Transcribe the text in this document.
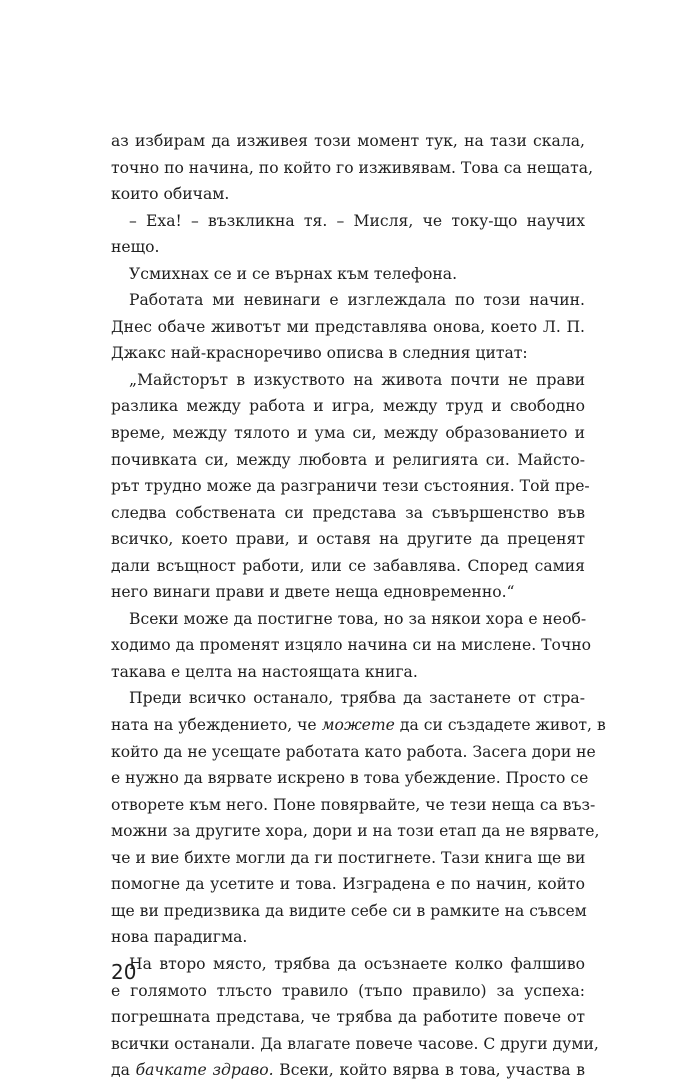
аз избирам да изживея този момент тук, на тази скала,
точно по начина, по който го изживявам. Това са нещата,
които обичам.
– Еха! – възкликна тя. – Мисля, че току-що научих
нещо.
Усмихнах се и се върнах към телефона.
Работата ми невинаги е изглеждала по този начин.
Днес обаче животът ми представлява онова, което Л. П.
Джакс най-красноречиво описва в следния цитат:
„Майсторът в изкуството на живота почти не прави
разлика между работа и игра, между труд и свободно
време, между тялото и ума си, между образованието и
почивката си, между любовта и религията си. Майсто-
рът трудно може да разграничи тези състояния. Той пре-
следва собствената си представа за съвършенство във
всичко, което прави, и оставя на другите да преценят
дали всъщност работи, или се забавлява. Според самия
него винаги прави и двете неща едновременно.“
Всеки може да постигне това, но за някои хора е необ-
ходимо да променят изцяло начина си на мислене. Точно
такава е целта на настоящата книга.
Преди всичко останало, трябва да застанете от стра-
ната на убеждението, че можете да си създадете живот, в
който да не усещате работата като работа. Засега дори не
е нужно да вярвате искрено в това убеждение. Просто се
отворете към него. Поне повярвайте, че тези неща са въз-
можни за другите хора, дори и на този етап да не вярвате,
че и вие бихте могли да ги постигнете. Тази книга ще ви
помогне да усетите и това. Изградена е по начин, който
ще ви предизвика да видите себе си в рамките на съвсем
нова парадигма.
На второ място, трябва да осъзнаете колко фалшиво
е голямото тлъсто травило (тъпо правило) за успеха:
погрешната представа, че трябва да работите повече от
всички останали. Да влагате повече часове. С други думи,
да бачкате здраво. Всеки, който вярва в това, участва в
20
